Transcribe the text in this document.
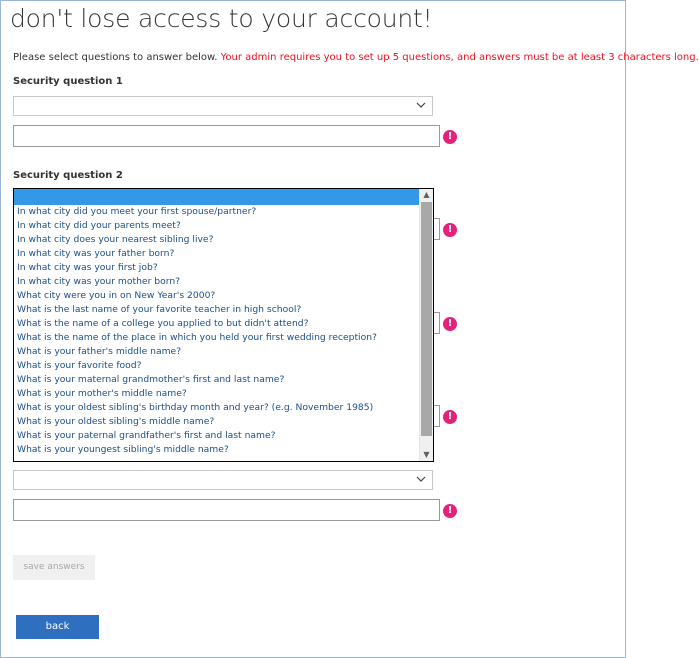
don't lose access to your account!
Please select questions to answer below. Your admin requires you to set up 5 questions, and answers must be at least 3 characters long.
Security question 1
!
Security question 2
!
!
!
In what city did you meet your first spouse/partner?
In what city did your parents meet?
In what city does your nearest sibling live?
In what city was your father born?
In what city was your first job?
In what city was your mother born?
What city were you in on New Year's 2000?
What is the last name of your favorite teacher in high school?
What is the name of a college you applied to but didn't attend?
What is the name of the place in which you held your first wedding reception?
What is your father's middle name?
What is your favorite food?
What is your maternal grandmother's first and last name?
What is your mother's middle name?
What is your oldest sibling's birthday month and year? (e.g. November 1985)
What is your oldest sibling's middle name?
What is your paternal grandfather's first and last name?
What is your youngest sibling's middle name?
▲
▼
!
save answers
back
